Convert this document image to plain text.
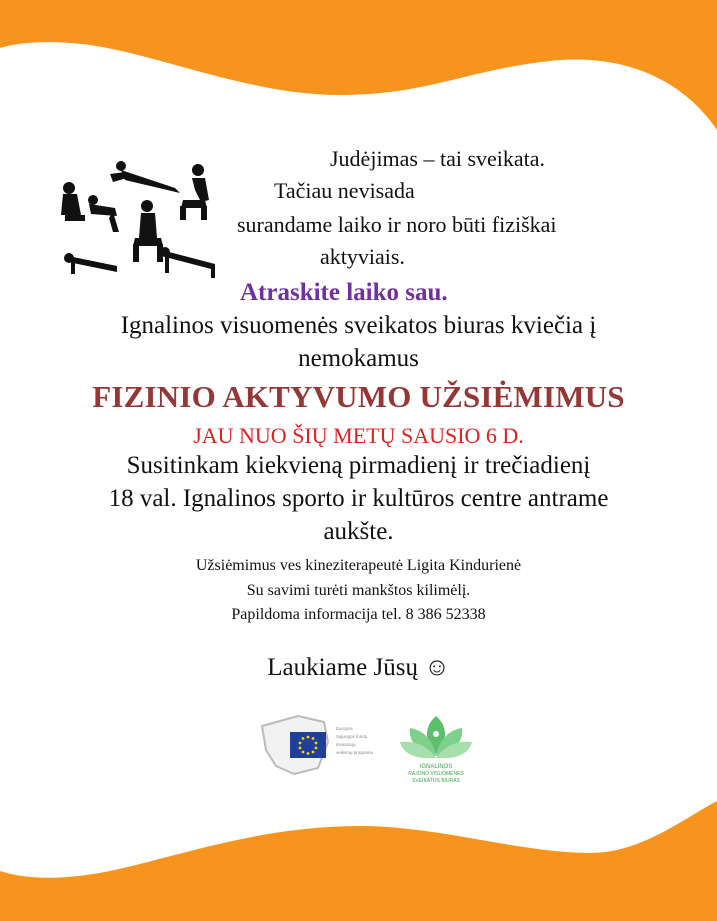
Judėjimas – tai sveikata.
Tačiau nevisada
surandame laiko ir noro būti fiziškai
aktyviais.
Atraskite laiko sau.
Ignalinos visuomenės sveikatos biuras kviečia į
nemokamus
FIZINIO AKTYVUMO UŽSIĖMIMUS
JAU NUO ŠIŲ METŲ SAUSIO 6 D.
Susitinkam kiekvieną pirmadienį ir trečiadienį
18 val. Ignalinos sporto ir kultūros centre antrame
aukšte.
Užsiėmimus ves kineziterapeutė Ligita Kindurienė
Su savimi turėti mankštos kilimėlį.
Papildoma informacija tel. 8 386 52338
Laukiame Jūsų ☺
Europos
Sąjungos fondų
investicijų
veiksmų programa
IGNALINOS
RAJONO VISUOMENĖS
SVEIKATOS BIURAS
